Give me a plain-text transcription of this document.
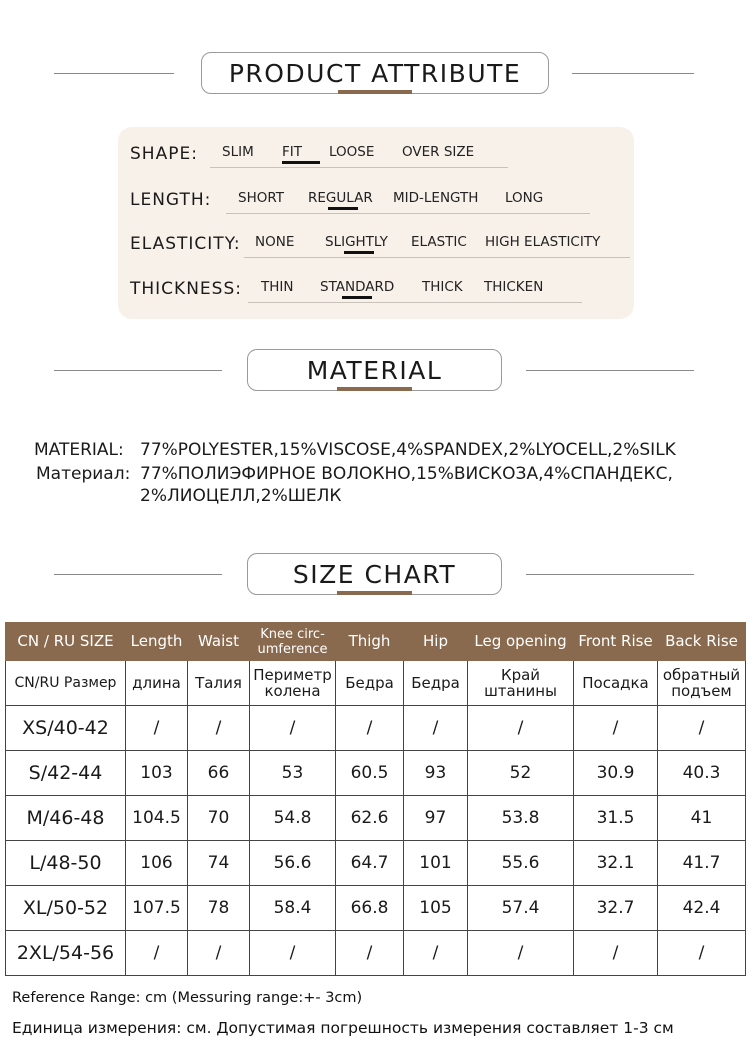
PRODUCT ATTRIBUTE
SHAPE: SLIM FIT LOOSE OVER SIZE
LENGTH: SHORT REGULAR MID-LENGTH LONG
ELASTICITY: NONE SLIGHTLY ELASTIC HIGH ELASTICITY
THICKNESS: THIN STANDARD THICK THICKEN
MATERIAL
MATERIAL: 77%POLYESTER,15%VISCOSE,4%SPANDEX,2%LYOCELL,2%SILK
Материал: 77%ПОЛИЭФИРНОЕ ВОЛОКНО,15%ВИСКОЗА,4%СПАНДЕКС,
2%ЛИОЦЕЛЛ,2%ШЕЛК
SIZE CHART
CN / RU SIZE	Length	Waist	Knee circ-umference	Thigh	Hip	Leg opening	Front Rise	Back Rise
CN/RU Размер	длина	Талия	Периметр колена	Бедра	Бедра	Край штанины	Посадка	обратный подъем
XS/40-42	/	/	/	/	/	/	/	/
S/42-44	103	66	53	60.5	93	52	30.9	40.3
M/46-48	104.5	70	54.8	62.6	97	53.8	31.5	41
L/48-50	106	74	56.6	64.7	101	55.6	32.1	41.7
XL/50-52	107.5	78	58.4	66.8	105	57.4	32.7	42.4
2XL/54-56	/	/	/	/	/	/	/	/
Reference Range: cm (Messuring range:+- 3cm)
Единица измерения: см. Допустимая погрешность измерения составляет 1-3 см
